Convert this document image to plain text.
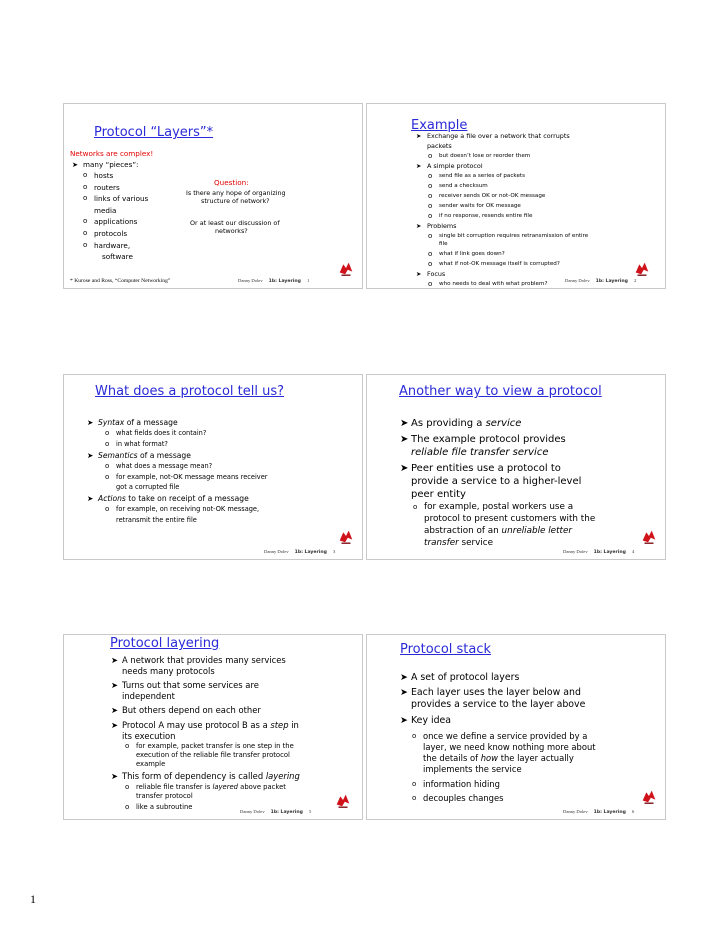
Protocol “Layers”*
Networks are complex!
➤ many “pieces”:
o hosts
o routers
o links of various
media
o applications
o protocols
o hardware,
software
Question:
Is there any hope of organizing
structure of network?
Or at least our discussion of
networks?
* Kurose and Ross, “Computer Networking”	Danny Dolev 1b: Layering 1
Example
➤ Exchange a file over a network that corrupts
packets
o but doesn’t lose or reorder them
➤ A simple protocol
o send file as a series of packets
o send a checksum
o receiver sends OK or not-OK message
o sender waits for OK message
o if no response, resends entire file
➤ Problems
o single bit corruption requires retransmission of entire
file
o what if link goes down?
o what if not-OK message itself is corrupted?
➤ Focus
o who needs to deal with what problem?
Danny Dolev 1b: Layering 2
What does a protocol tell us?
➤ Syntax of a message
o what fields does it contain?
o in what format?
➤ Semantics of a message
o what does a message mean?
o for example, not-OK message means receiver
got a corrupted file
➤ Actions to take on receipt of a message
o for example, on receiving not-OK message,
retransmit the entire file
Danny Dolev 1b: Layering 3
Another way to view a protocol
➤ As providing a service
➤ The example protocol provides
reliable file transfer service
➤ Peer entities use a protocol to
provide a service to a higher-level
peer entity
o for example, postal workers use a
protocol to present customers with the
abstraction of an unreliable letter
transfer service
Danny Dolev 1b: Layering 4
Protocol layering
➤ A network that provides many services
needs many protocols
➤ Turns out that some services are
independent
➤ But others depend on each other
➤ Protocol A may use protocol B as a step in
its execution
o for example, packet transfer is one step in the
execution of the reliable file transfer protocol
example
➤ This form of dependency is called layering
o reliable file transfer is layered above packet
transfer protocol
o like a subroutine
Danny Dolev 1b: Layering 5
Protocol stack
➤ A set of protocol layers
➤ Each layer uses the layer below and
provides a service to the layer above
➤ Key idea
o once we define a service provided by a
layer, we need know nothing more about
the details of how the layer actually
implements the service
o information hiding
o decouples changes
Danny Dolev 1b: Layering 6
1
